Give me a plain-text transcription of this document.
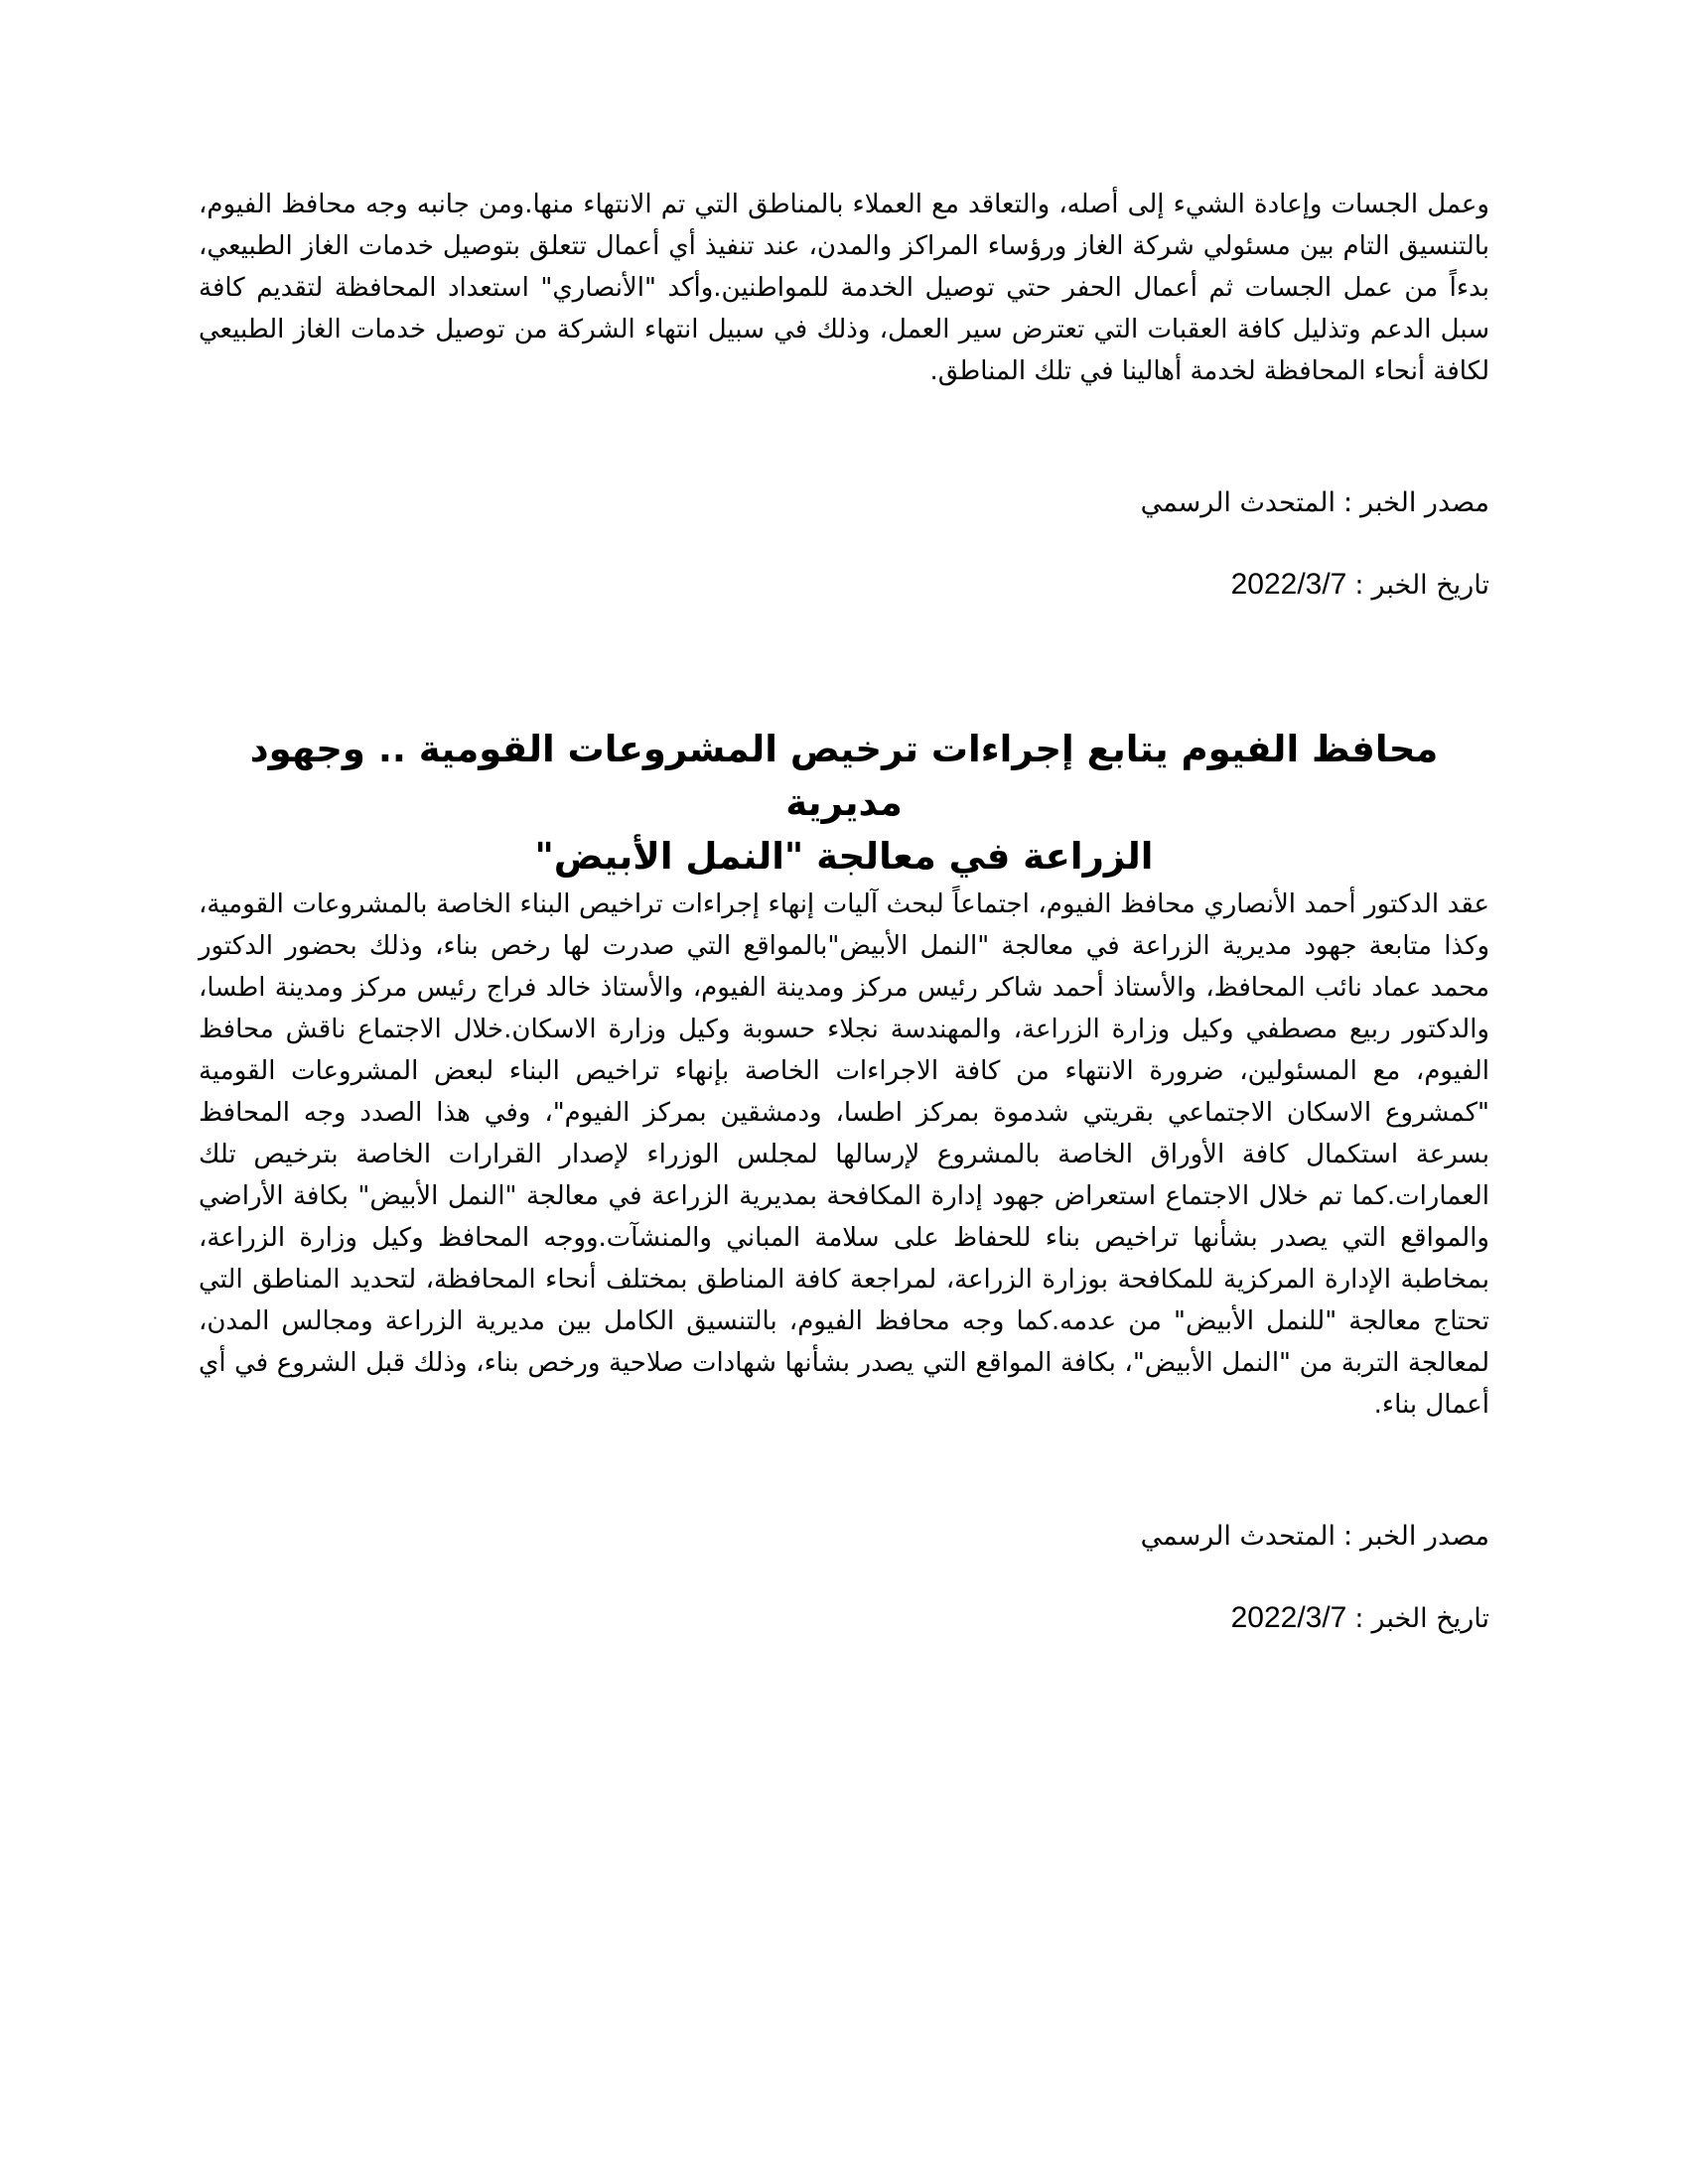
وعمل الجسات وإعادة الشيء إلى أصله، والتعاقد مع العملاء بالمناطق التي تم الانتهاء منها.ومن جانبه وجه محافظ الفيوم، بالتنسيق التام بين مسئولي شركة الغاز ورؤساء المراكز والمدن، عند تنفيذ أي أعمال تتعلق بتوصيل خدمات الغاز الطبيعي، بدءاً من عمل الجسات ثم أعمال الحفر حتي توصيل الخدمة للمواطنين.وأكد "الأنصاري" استعداد المحافظة لتقديم كافة سبل الدعم وتذليل كافة العقبات التي تعترض سير العمل، وذلك في سبيل انتهاء الشركة من توصيل خدمات الغاز الطبيعي لكافة أنحاء المحافظة لخدمة أهالينا في تلك المناطق.

مصدر الخبر:المتحدث الرسمي

تاريخ الخبر:2022/3/7

محافظ الفيوم يتابع إجراءات ترخيص المشروعات القومية .. وجهود مديرية
الزراعة في معالجة "النمل الأبيض"

عقد الدكتور أحمد الأنصاري محافظ الفيوم، اجتماعاً لبحث آليات إنهاء إجراءات تراخيص البناء الخاصة بالمشروعات القومية، وكذا متابعة جهود مديرية الزراعة في معالجة "النمل الأبيض"بالمواقع التي صدرت لها رخص بناء، وذلك بحضور الدكتور محمد عماد نائب المحافظ، والأستاذ أحمد شاكر رئيس مركز ومدينة الفيوم، والأستاذ خالد فراج رئيس مركز ومدينة اطسا، والدكتور ربيع مصطفي وكيل وزارة الزراعة، والمهندسة نجلاء حسوبة وكيل وزارة الاسكان.خلال الاجتماع ناقش محافظ الفيوم، مع المسئولين، ضرورة الانتهاء من كافة الاجراءات الخاصة بإنهاء تراخيص البناء لبعض المشروعات القومية "كمشروع الاسكان الاجتماعي بقريتي شدموة بمركز اطسا، ودمشقين بمركز الفيوم"، وفي هذا الصدد وجه المحافظ بسرعة استكمال كافة الأوراق الخاصة بالمشروع لإرسالها لمجلس الوزراء لإصدار القرارات الخاصة بترخيص تلك العمارات.كما تم خلال الاجتماع استعراض جهود إدارة المكافحة بمديرية الزراعة في معالجة "النمل الأبيض" بكافة الأراضي والمواقع التي يصدر بشأنها تراخيص بناء للحفاظ على سلامة المباني والمنشآت.ووجه المحافظ وكيل وزارة الزراعة، بمخاطبة الإدارة المركزية للمكافحة بوزارة الزراعة، لمراجعة كافة المناطق بمختلف أنحاء المحافظة، لتحديد المناطق التي تحتاج معالجة "للنمل الأبيض" من عدمه.كما وجه محافظ الفيوم، بالتنسيق الكامل بين مديرية الزراعة ومجالس المدن، لمعالجة التربة من "النمل الأبيض"، بكافة المواقع التي يصدر بشأنها شهادات صلاحية ورخص بناء، وذلك قبل الشروع في أي أعمال بناء.

مصدر الخبر:المتحدث الرسمي

تاريخ الخبر:2022/3/7
